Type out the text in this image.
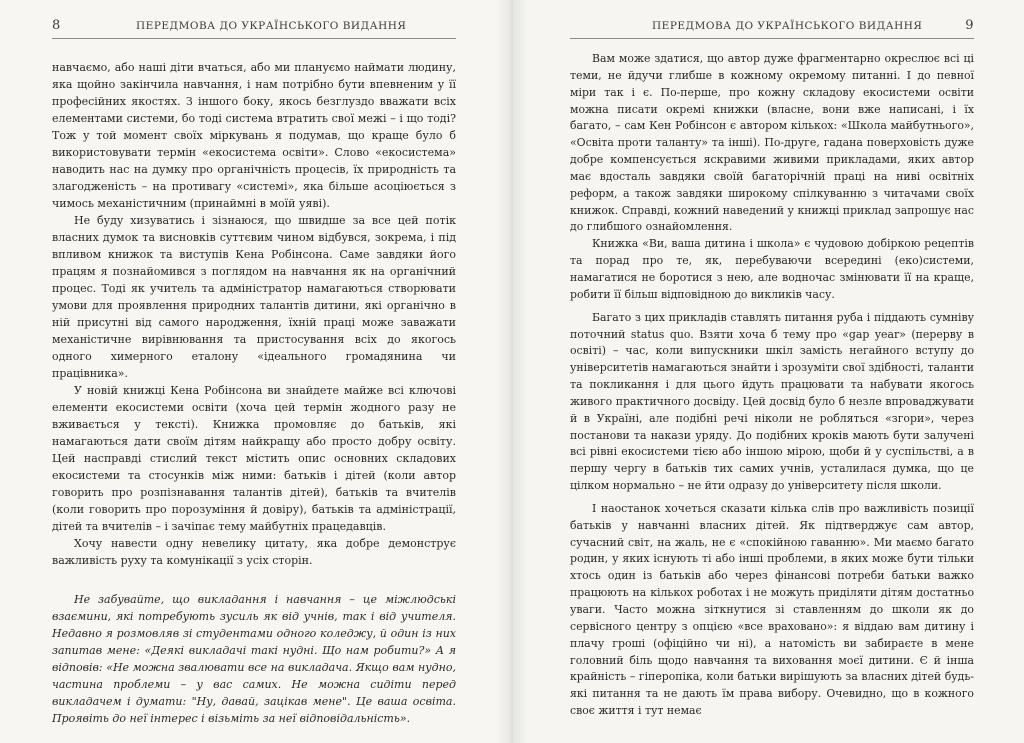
8	ПЕРЕДМОВА ДО УКРАЇНСЬКОГО ВИДАННЯ

навчаємо, або наші діти вчаться, або ми плануємо наймати людину, яка щойно закінчила навчання, і нам потрібно бути впевненим у її професійних якостях. З іншого боку, якось безглуздо вважати всіх елементами системи, бо тоді система втратить свої межі – і що тоді? Тож у той момент своїх міркувань я подумав, що краще було б використовувати термін «екосистема освіти». Слово «екосистема» наводить нас на думку про органічність процесів, їх природність та злагодженість – на противагу «системі», яка більше асоціюється з чимось механістичним (принаймні в моїй уяві).

Не буду хизуватись і зізнаюся, що швидше за все цей потік власних думок та висновків суттєвим чином відбувся, зокрема, і під впливом книжок та виступів Кена Робінсона. Саме завдяки його працям я познайомився з поглядом на навчання як на органічний процес. Тоді як учитель та адміністратор намагаються створювати умови для проявлення природних талантів дитини, які органічно в ній присутні від самого народження, їхній праці може заважати механістичне вирівнювання та пристосування всіх до якогось одного химерного еталону «ідеального громадянина чи працівника».

У новій книжці Кена Робінсона ви знайдете майже всі ключові елементи екосистеми освіти (хоча цей термін жодного разу не вживається у тексті). Книжка промовляє до батьків, які намагаються дати своїм дітям найкращу або просто добру освіту. Цей насправді стислий текст містить опис основних складових екосистеми та стосунків між ними: батьків і дітей (коли автор говорить про розпізнавання талантів дітей), батьків та вчителів (коли говорить про порозуміння й довіру), батьків та адміністрації, дітей та вчителів – і зачіпає тему майбутніх працедавців.

Хочу навести одну невелику цитату, яка добре демонструє важливість руху та комунікації з усіх сторін.

Не забувайте, що викладання і навчання – це міжлюдські взаємини, які потребують зусиль як від учнів, так і від учителя. Недавно я розмовляв зі студентами одного коледжу, й один із них запитав мене: «Деякі викладачі такі нудні. Що нам робити?» А я відповів: «Не можна звалювати все на викладача. Якщо вам нудно, частина проблеми – у вас самих. Не можна сидіти перед викладачем і думати: "Ну, давай, зацікав мене". Це ваша освіта. Проявіть до неї інтерес і візьміть за неї відповідальність».

ПЕРЕДМОВА ДО УКРАЇНСЬКОГО ВИДАННЯ	9

Вам може здатися, що автор дуже фрагментарно окреслює всі ці теми, не йдучи глибше в кожному окремому питанні. І до певної міри так і є. По-перше, про кожну складову екосистеми освіти можна писати окремі книжки (власне, вони вже написані, і їх багато, – сам Кен Робінсон є автором кількох: «Школа майбутнього», «Освіта проти таланту» та інші). По-друге, гадана поверховість дуже добре компенсується яскравими живими прикладами, яких автор має вдосталь завдяки своїй багаторічній праці на ниві освітніх реформ, а також завдяки широкому спілкуванню з читачами своїх книжок. Справді, кожний наведений у книжці приклад запрошує нас до глибшого ознайомлення.

Книжка «Ви, ваша дитина і школа» є чудовою добіркою рецептів та порад про те, як, перебуваючи всередині (еко)системи, намагатися не боротися з нею, але водночас змінювати її на краще, робити її більш відповідною до викликів часу.

Багато з цих прикладів ставлять питання руба і піддають сумніву поточний status quo. Взяти хоча б тему про «gap year» (перерву в освіті) – час, коли випускники шкіл замість негайного вступу до університетів намагаються знайти і зрозуміти свої здібності, таланти та покликання і для цього йдуть працювати та набувати якогось живого практичного досвіду. Цей досвід було б незле впроваджувати й в Україні, але подібні речі ніколи не робляться «згори», через постанови та накази уряду. До подібних кроків мають бути залучені всі рівні екосистеми тією або іншою мірою, щоби й у суспільстві, а в першу чергу в батьків тих самих учнів, усталилася думка, що це цілком нормально – не йти одразу до університету після школи.

І наостанок хочеться сказати кілька слів про важливість позиції батьків у навчанні власних дітей. Як підтверджує сам автор, сучасний світ, на жаль, не є «спокійною гаванню». Ми маємо багато родин, у яких існують ті або інші проблеми, в яких може бути тільки хтось один із батьків або через фінансові потреби батьки важко працюють на кількох роботах і не можуть приділяти дітям достатньо уваги. Часто можна зіткнутися зі ставленням до школи як до сервісного центру з опцією «все враховано»: я віддаю вам дитину і плачу гроші (офіційно чи ні), а натомість ви забираєте в мене головний біль щодо навчання та виховання моєї дитини. Є й інша крайність – гіперопіка, коли батьки вирішують за власних дітей будь-які питання та не дають їм права вибору. Очевидно, що в кожного своє життя і тут немає
